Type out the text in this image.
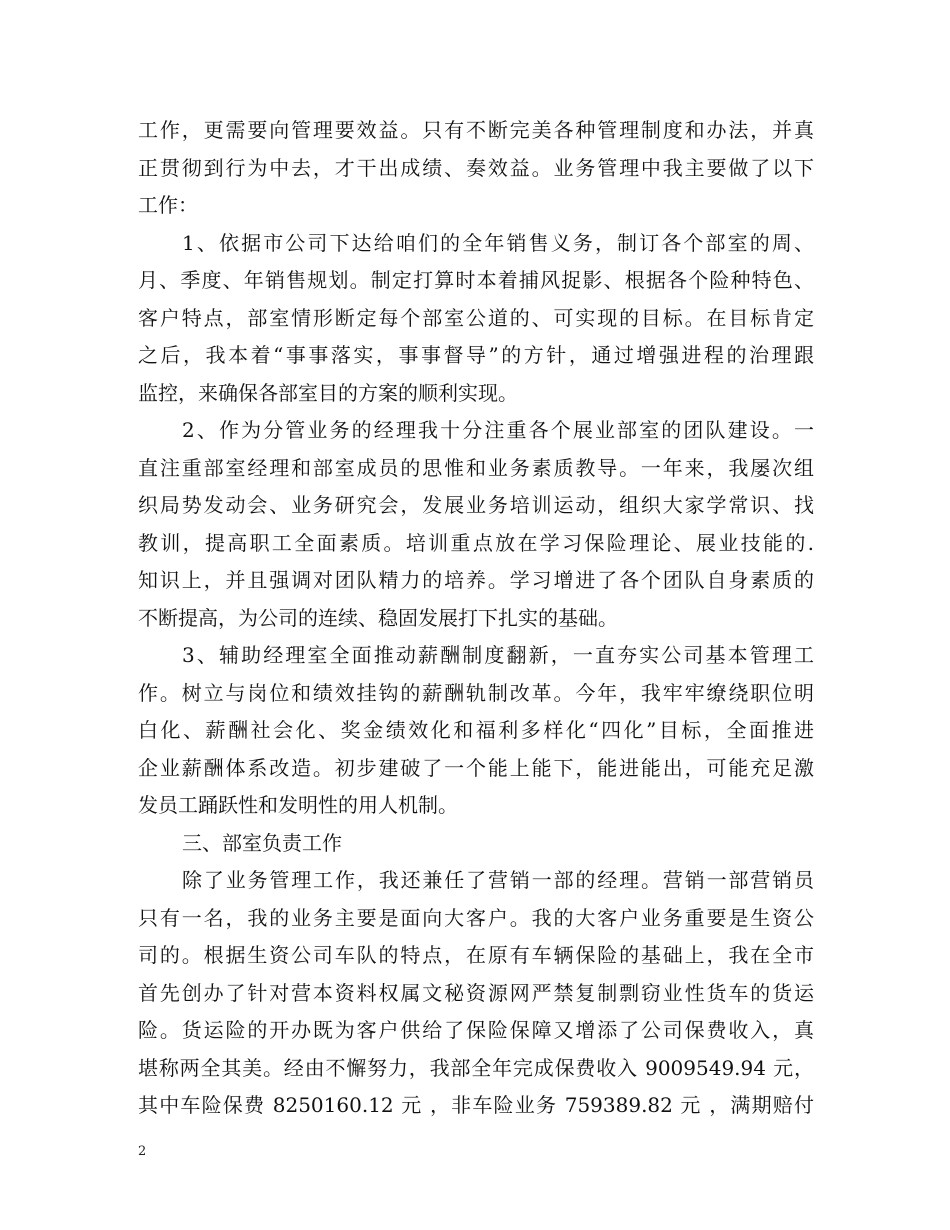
工作，更需要向管理要效益。只有不断完美各种管理制度和办法，并真
正贯彻到行为中去，才干出成绩、奏效益。业务管理中我主要做了以下
工作：
1、依据市公司下达给咱们的全年销售义务，制订各个部室的周、
月、季度、年销售规划。制定打算时本着捕风捉影、根据各个险种特色、
客户特点，部室情形断定每个部室公道的、可实现的目标。在目标肯定
之后，我本着“事事落实，事事督导”的方针，通过增强进程的治理跟
监控，来确保各部室目的方案的顺利实现。
2、作为分管业务的经理我十分注重各个展业部室的团队建设。一
直注重部室经理和部室成员的思惟和业务素质教导。一年来，我屡次组
织局势发动会、业务研究会，发展业务培训运动，组织大家学常识、找
教训，提高职工全面素质。培训重点放在学习保险理论、展业技能的.
知识上，并且强调对团队精力的培养。学习增进了各个团队自身素质的
不断提高，为公司的连续、稳固发展打下扎实的基础。
3、辅助经理室全面推动薪酬制度翻新，一直夯实公司基本管理工
作。树立与岗位和绩效挂钩的薪酬轨制改革。今年，我牢牢缭绕职位明
白化、薪酬社会化、奖金绩效化和福利多样化“四化”目标，全面推进
企业薪酬体系改造。初步建破了一个能上能下，能进能出，可能充足激
发员工踊跃性和发明性的用人机制。
三、部室负责工作
除了业务管理工作，我还兼任了营销一部的经理。营销一部营销员
只有一名，我的业务主要是面向大客户。我的大客户业务重要是生资公
司的。根据生资公司车队的特点，在原有车辆保险的基础上，我在全市
首先创办了针对营本资料权属文秘资源网严禁复制剽窃业性货车的货运
险。货运险的开办既为客户供给了保险保障又增添了公司保费收入，真
堪称两全其美。经由不懈努力，我部全年完成保费收入 9009549.94 元，
其中车险保费 8250160.12 元 ，非车险业务 759389.82 元 ，满期赔付
2
